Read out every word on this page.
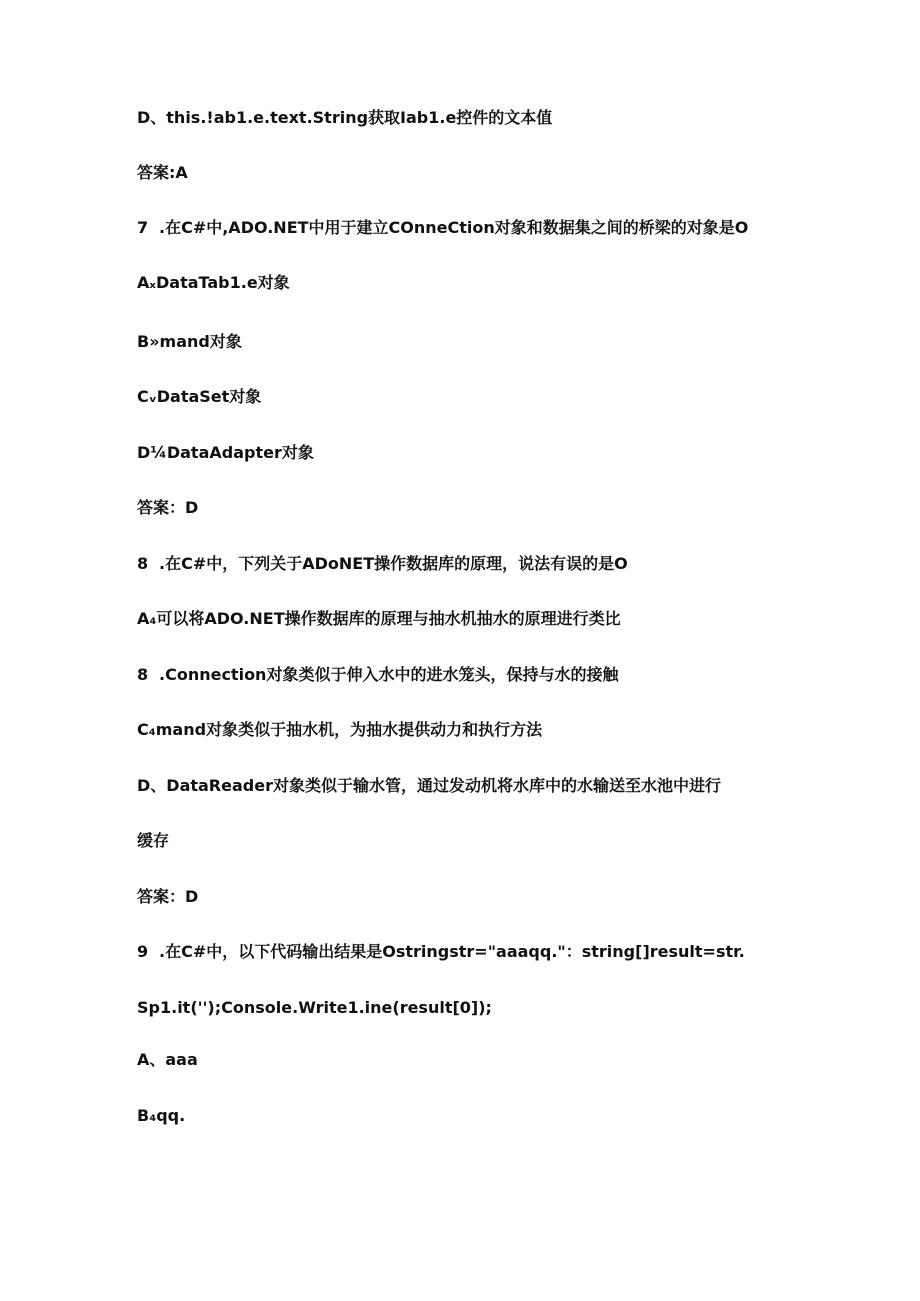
D、this.!ab1.e.text.String获取Iab1.e控件的文本值
答案:A
7 .在C#中,ADO.NET中用于建立COnneCtion对象和数据集之间的桥梁的对象是O
AₓDataTab1.e对象
B»mand对象
CᵥDataSet对象
D¼DataAdapter对象
答案：D
8 .在C#中，下列关于ADoNET操作数据库的原理，说法有误的是O
A₄可以将ADO.NET操作数据库的原理与抽水机抽水的原理进行类比
8 .Connection对象类似于伸入水中的进水笼头，保持与水的接触
C₄mand对象类似于抽水机，为抽水提供动力和执行方法
D、DataReader对象类似于输水管，通过发动机将水库中的水输送至水池中进行
缓存
答案：D
9 .在C#中，以下代码输出结果是Ostringstr="aaaqq."：string[]result=str.
Sp1.it('');Console.Write1.ine(result[0]);
A、aaa
B₄qq.
